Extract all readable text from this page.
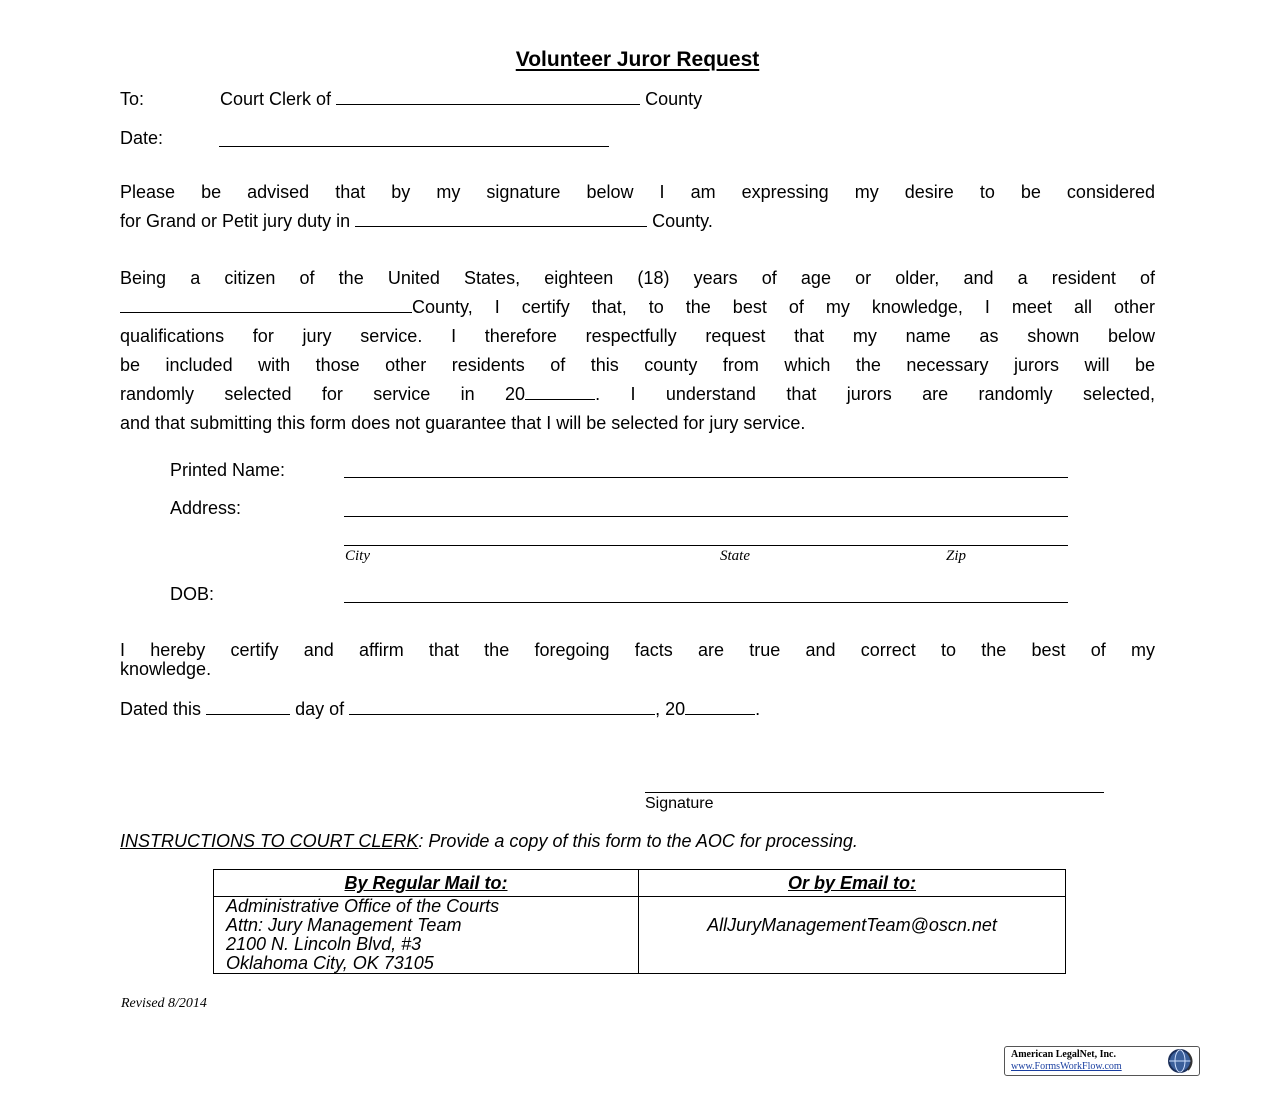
Volunteer Juror Request
To:	Court Clerk of	County
Date:
Please be advised that by my signature below I am expressing my desire to be considered
for Grand or Petit jury duty in	County.
Being a citizen of the United States, eighteen (18) years of age or older, and a resident of
County, I certify that, to the best of my knowledge, I meet all other
qualifications for jury service. I therefore respectfully request that my name as shown below
be included with those other residents of this county from which the necessary jurors will be
randomly selected for service in 20	. I understand that jurors are randomly selected,
and that submitting this form does not guarantee that I will be selected for jury service.
Printed Name:
Address:
City	State	Zip
DOB:
I hereby certify and affirm that the foregoing facts are true and correct to the best of my
knowledge.
Dated this	day of	, 20	.
Signature
INSTRUCTIONS TO COURT CLERK: Provide a copy of this form to the AOC for processing.
By Regular Mail to:	Or by Email to:

Administrative Office of the Courts
Attn: Jury Management Team
2100 N. Lincoln Blvd, #3
Oklahoma City, OK 73105	AllJuryManagementTeam@oscn.net
Revised 8/2014
American LegalNet, Inc.
www.FormsWorkFlow.com
